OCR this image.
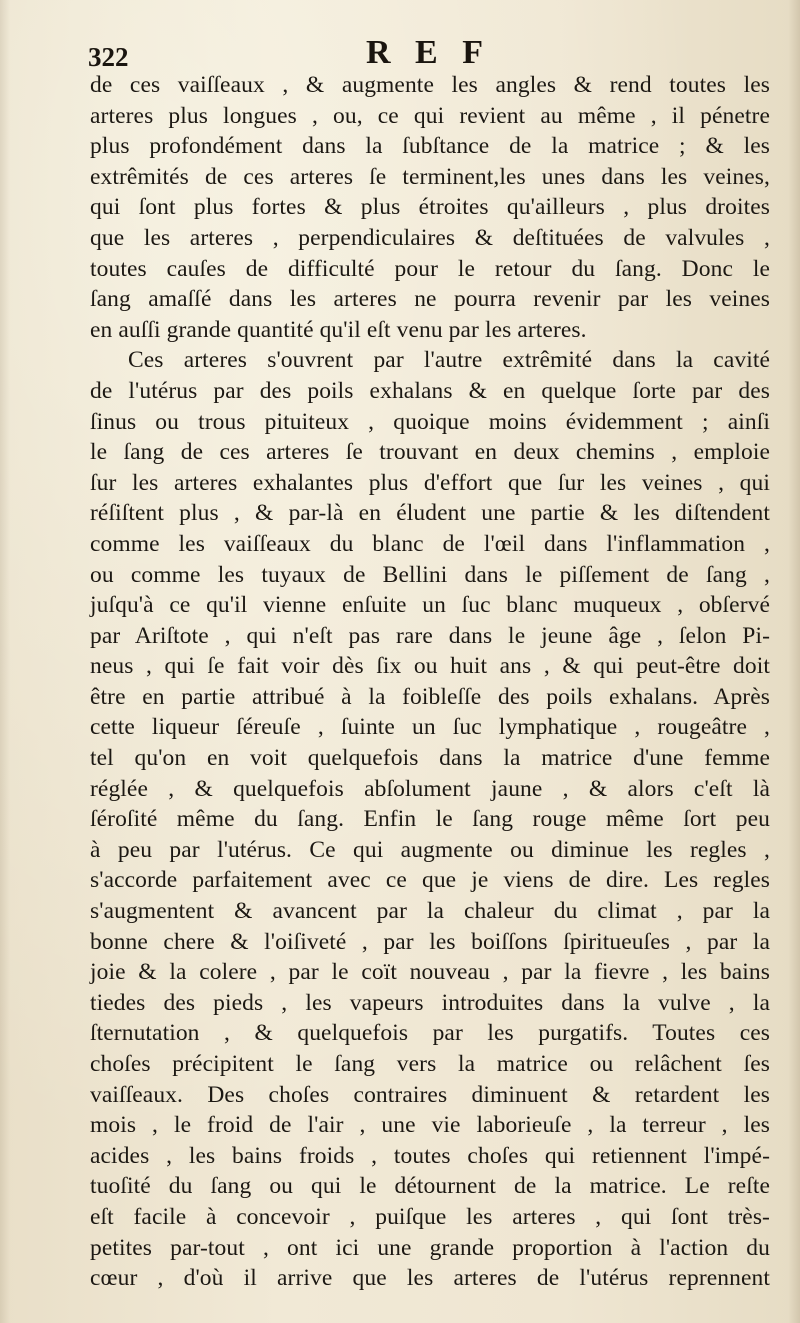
322	R E F
de ces vaiſſeaux , & augmente les angles & rend toutes les
arteres plus longues , ou, ce qui revient au même , il pénetre
plus profondément dans la ſubſtance de la matrice ; & les
extrêmités de ces arteres ſe terminent,les unes dans les veines,
qui ſont plus fortes & plus étroites qu'ailleurs , plus droites
que les arteres , perpendiculaires & deſtituées de valvules ,
toutes cauſes de difficulté pour le retour du ſang. Donc le
ſang amaſſé dans les arteres ne pourra revenir par les veines
en auſſi grande quantité qu'il eſt venu par les arteres.
Ces arteres s'ouvrent par l'autre extrêmité dans la cavité
de l'utérus par des poils exhalans & en quelque ſorte par des
ſinus ou trous pituiteux , quoique moins évidemment ; ainſi
le ſang de ces arteres ſe trouvant en deux chemins , emploie
ſur les arteres exhalantes plus d'effort que ſur les veines , qui
réſiſtent plus , & par-là en éludent une partie & les diſtendent
comme les vaiſſeaux du blanc de l'œil dans l'inflammation ,
ou comme les tuyaux de Bellini dans le piſſement de ſang ,
juſqu'à ce qu'il vienne enſuite un ſuc blanc muqueux , obſervé
par Ariſtote , qui n'eſt pas rare dans le jeune âge , ſelon Pi-
neus , qui ſe fait voir dès ſix ou huit ans , & qui peut-être doit
être en partie attribué à la foibleſſe des poils exhalans. Après
cette liqueur ſéreuſe , ſuinte un ſuc lymphatique , rougeâtre ,
tel qu'on en voit quelquefois dans la matrice d'une femme
réglée , & quelquefois abſolument jaune , & alors c'eſt là
ſéroſité même du ſang. Enfin le ſang rouge même ſort peu
à peu par l'utérus. Ce qui augmente ou diminue les regles ,
s'accorde parfaitement avec ce que je viens de dire. Les regles
s'augmentent & avancent par la chaleur du climat , par la
bonne chere & l'oiſiveté , par les boiſſons ſpiritueuſes , par la
joie & la colere , par le coït nouveau , par la fievre , les bains
tiedes des pieds , les vapeurs introduites dans la vulve , la
ſternutation , & quelquefois par les purgatifs. Toutes ces
choſes précipitent le ſang vers la matrice ou relâchent ſes
vaiſſeaux. Des choſes contraires diminuent & retardent les
mois , le froid de l'air , une vie laborieuſe , la terreur , les
acides , les bains froids , toutes choſes qui retiennent l'impé-
tuoſité du ſang ou qui le détournent de la matrice. Le reſte
eſt facile à concevoir , puiſque les arteres , qui ſont très-
petites par-tout , ont ici une grande proportion à l'action du
cœur , d'où il arrive que les arteres de l'utérus reprennent
